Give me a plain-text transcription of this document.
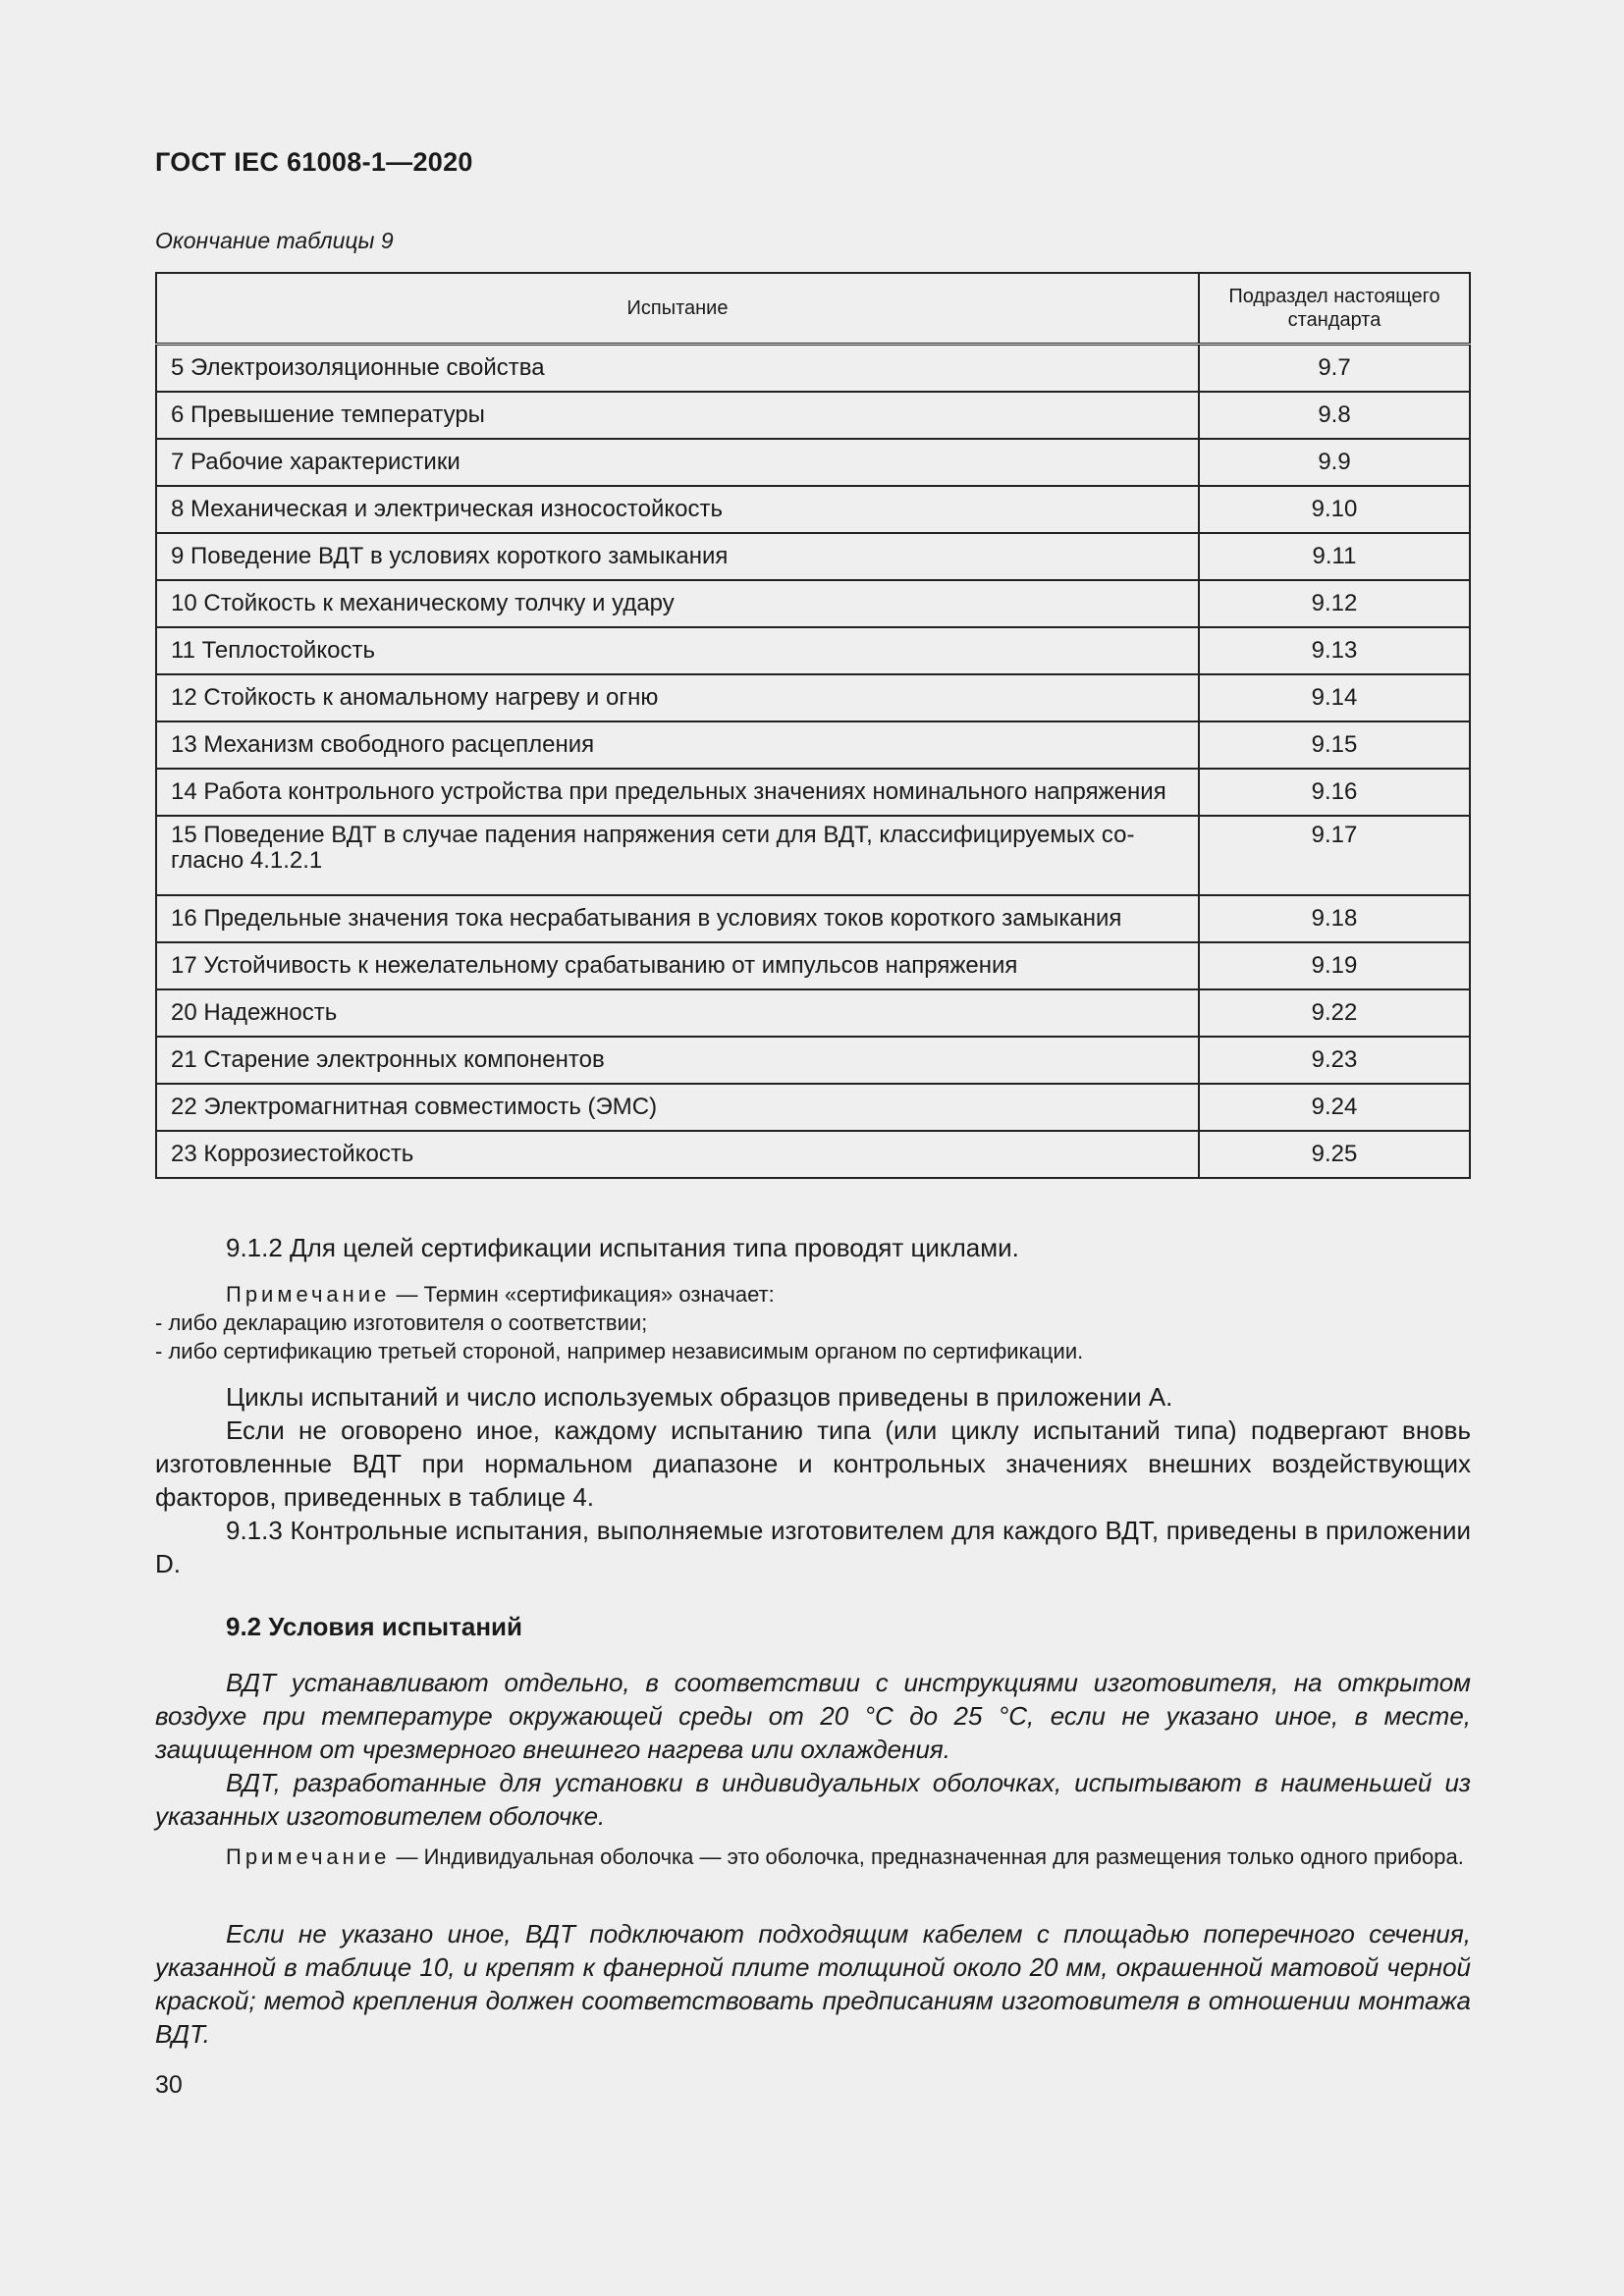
ГОСТ IEC 61008-1—2020
Окончание таблицы 9
Испытание	Подраздел настоящего стандарта
5 Электроизоляционные свойства	9.7
6 Превышение температуры	9.8
7 Рабочие характеристики	9.9
8 Механическая и электрическая износостойкость	9.10
9 Поведение ВДТ в условиях короткого замыкания	9.11
10 Стойкость к механическому толчку и удару	9.12
11 Теплостойкость	9.13
12 Стойкость к аномальному нагреву и огню	9.14
13 Механизм свободного расцепления	9.15
14 Работа контрольного устройства при предельных значениях номинального напряжения	9.16
15 Поведение ВДТ в случае падения напряжения сети для ВДТ, классифицируемых со-гласно 4.1.2.1	9.17
16 Предельные значения тока несрабатывания в условиях токов короткого замыкания	9.18
17 Устойчивость к нежелательному срабатыванию от импульсов напряжения	9.19
20 Надежность	9.22
21 Старение электронных компонентов	9.23
22 Электромагнитная совместимость (ЭМС)	9.24
23 Коррозиестойкость	9.25
9.1.2 Для целей сертификации испытания типа проводят циклами.
Примечание — Термин «сертификация» означает:
- либо декларацию изготовителя о соответствии;
- либо сертификацию третьей стороной, например независимым органом по сертификации.
Циклы испытаний и число используемых образцов приведены в приложении А.
Если не оговорено иное, каждому испытанию типа (или циклу испытаний типа) подвергают вновь изготовленные ВДТ при нормальном диапазоне и контрольных значениях внешних воздействующих факторов, приведенных в таблице 4.
9.1.3 Контрольные испытания, выполняемые изготовителем для каждого ВДТ, приведены в приложении D.
9.2 Условия испытаний
ВДТ устанавливают отдельно, в соответствии с инструкциями изготовителя, на открытом воздухе при температуре окружающей среды от 20 °С до 25 °С, если не указано иное, в месте, защищенном от чрезмерного внешнего нагрева или охлаждения.
ВДТ, разработанные для установки в индивидуальных оболочках, испытывают в наименьшей из указанных изготовителем оболочке.
Примечание — Индивидуальная оболочка — это оболочка, предназначенная для размещения только одного прибора.
Если не указано иное, ВДТ подключают подходящим кабелем с площадью поперечного сечения, указанной в таблице 10, и крепят к фанерной плите толщиной около 20 мм, окрашенной матовой черной краской; метод крепления должен соответствовать предписаниям изготовителя в отношении монтажа ВДТ.
30
